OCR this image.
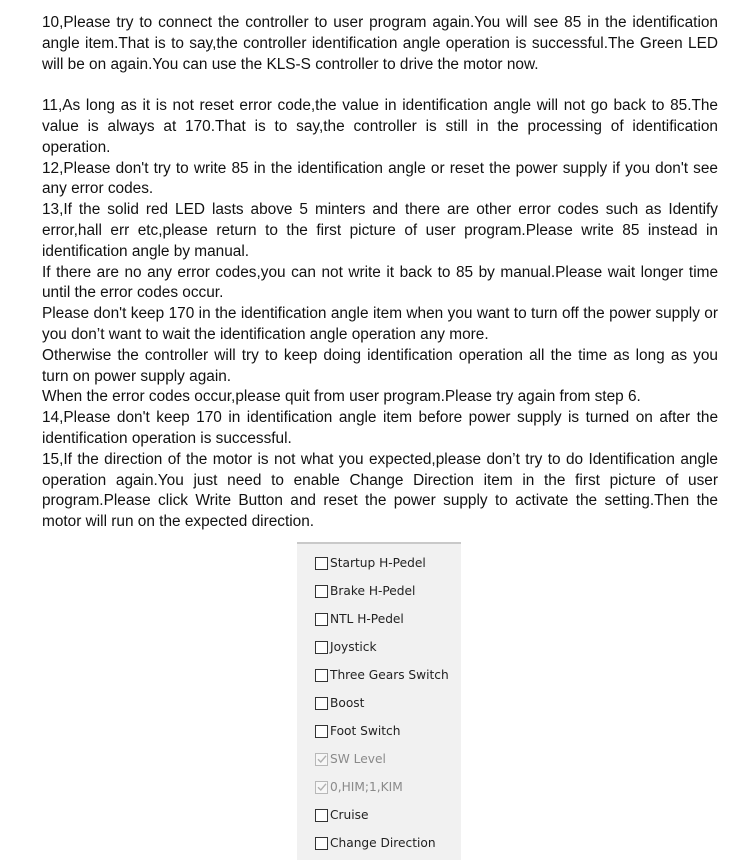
10,Please try to connect the controller to user program again.You will see 85 in the identification angle item.That is to say,the controller identification angle operation is successful.The Green LED will be on again.You can use the KLS-S controller to drive the motor now.

11,As long as it is not reset error code,the value in identification angle will not go back to 85.The value is always at 170.That is to say,the controller is still in the processing of identification operation.

12,Please don't try to write 85 in the identification angle or reset the power supply if you don't see any error codes.

13,If the solid red LED lasts above 5 minters and there are other error codes such as Identify error,hall err etc,please return to the first picture of user program.Please write 85 instead in identification angle by manual.

If there are no any error codes,you can not write it back to 85 by manual.Please wait longer time until the error codes occur.

Please don't keep 170 in the identification angle item when you want to turn off the power supply or you don’t want to wait the identification angle operation any more.

Otherwise the controller will try to keep doing identification operation all the time as long as you turn on power supply again.

When the error codes occur,please quit from user program.Please try again from step 6.

14,Please don't keep 170 in identification angle item before power supply is turned on after the identification operation is successful.

15,If the direction of the motor is not what you expected,please don’t try to do Identification angle operation again.You just need to enable Change Direction item in the first picture of user program.Please click Write Button and reset the power supply to activate the setting.Then the motor will run on the expected direction.

Startup H-Pedel
Brake H-Pedel
NTL H-Pedel
Joystick
Three Gears Switch
Boost
Foot Switch
SW Level
0,HIM;1,KIM
Cruise
Change Direction
